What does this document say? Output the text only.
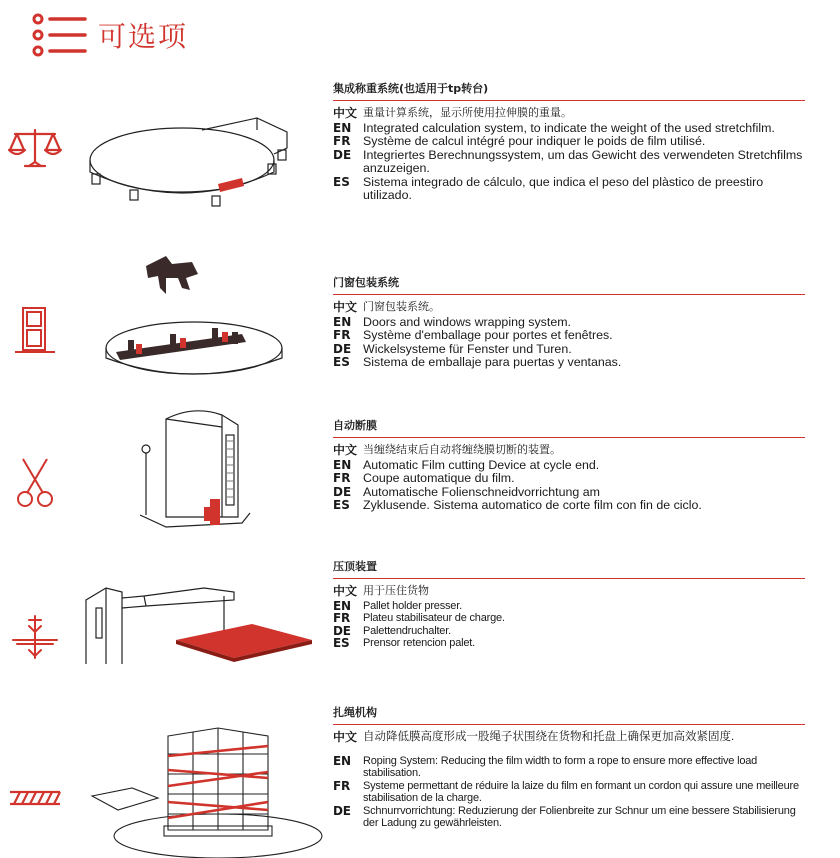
可选项
集成称重系统(也适用于tp转台)
中文 重量计算系统，显示所使用拉伸膜的重量。
EN Integrated calculation system, to indicate the weight of the used stretchfilm.
FR	Système de calcul intégré pour indiquer le poids de film utilisé.
DE Integriertes Berechnungssystem, um das Gewicht des verwendeten Stretchfilms anzuzeigen.
ES	Sistema integrado de cálculo, que indica el peso del plàstico de preestiro utilizado.
门窗包装系统
中文 门窗包装系统。
EN Doors and windows wrapping system.
FR	Système d'emballage pour portes et fenêtres.
DE Wickelsysteme für Fenster und Turen.
ES	Sistema de emballaje para puertas y ventanas.
自动断膜
中文 当缠绕结束后自动将缠绕膜切断的装置。
EN Automatic Film cutting Device at cycle end.
FR	Coupe automatique du film.
DE Automatische Folienschneidvorrichtung am
ES	Zyklusende. Sistema automatico de corte film con fin de ciclo.
压顶装置
中文 用于压住货物
EN	Pallet holder presser.
FR	Plateu stabilisateur de charge.
DE	Palettendruchalter.
ES	Prensor retencion palet.
扎绳机构
中文 自动降低膜高度形成一股绳子状围绕在货物和托盘上确保更加高效紧固度.
EN	Roping System: Reducing the film width to form a rope to ensure more effective load stabilisation.
FR	Systeme permettant de réduire la laize du film en formant un cordon qui assure une meilleure stabilisation de la charge.
DE	Schnurrvorrichtung: Reduzierung der Folienbreite zur Schnur um eine bessere Stabilisierung der Ladung zu gewährleisten.
